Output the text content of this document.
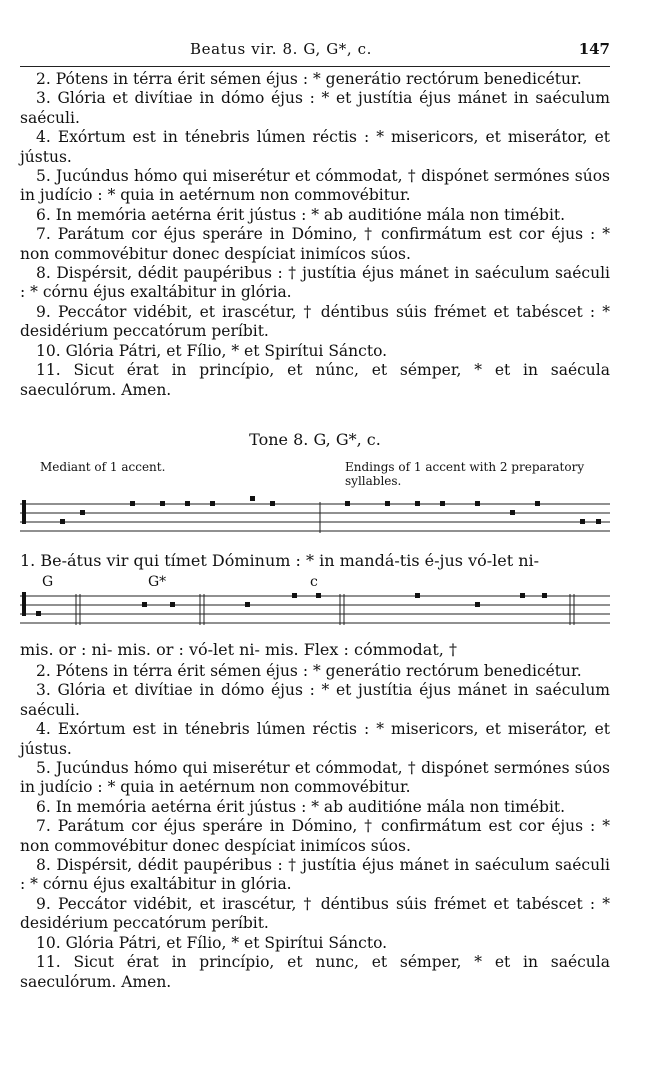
Beatus vir. 8. G, G*, c.	147

2. Pótens in térra érit sémen éjus : * generátio rectórum benedicétur.

3. Glória et divítiae in dómo éjus : * et justítia éjus mánet in saéculum saéculi.

4. Exórtum est in ténebris lúmen réctis : * misericors, et miserátor, et jústus.

5. Jucúndus hómo qui miserétur et cómmodat, † dispónet sermónes súos in judício : * quia in aetérnum non commovébitur.

6. In memória aetérna érit jústus : * ab auditióne mála non timébit.

7. Parátum cor éjus speráre in Dómino, † confirmátum est cor éjus : * non commovébitur donec despíciat inimícos súos.

8. Dispérsit, dédit paupéribus : † justítia éjus mánet in saéculum saéculi : * córnu éjus exaltábitur in glória.

9. Peccátor vidébit, et irascétur, † déntibus súis frémet et tabéscet : * desidérium peccatórum períbit.

10. Glória Pátri, et Fílio, * et Spirítui Sáncto.

11. Sicut érat in princípio, et núnc, et sémper, * et in saécula saeculórum. Amen.

Tone 8. G, G*, c.
Mediant of 1 accent.	Endings of 1 accent with 2 preparatory syllables.
1. Be-átus vir qui tímet Dóminum : * in mandá-tis é-jus vó-let ni-
G	G*	c
mis. or : ni- mis. or : vó-let ni- mis. Flex : cómmodat, †

2. Pótens in térra érit sémen éjus : * generátio rectórum benedicétur.

3. Glória et divítiae in dómo éjus : * et justítia éjus mánet in saéculum saéculi.

4. Exórtum est in ténebris lúmen réctis : * misericors, et miserátor, et jústus.

5. Jucúndus hómo qui miserétur et cómmodat, † dispónet sermónes súos in judício : * quia in aetérnum non commovébitur.

6. In memória aetérna érit jústus : * ab auditióne mála non timébit.

7. Parátum cor éjus speráre in Dómino, † confirmátum est cor éjus : * non commovébitur donec despíciat inimícos súos.

8. Dispérsit, dédit paupéribus : † justítia éjus mánet in saéculum saéculi : * córnu éjus exaltábitur in glória.

9. Peccátor vidébit, et irascétur, † déntibus súis frémet et tabéscet : * desidérium peccatórum períbit.

10. Glória Pátri, et Fílio, * et Spirítui Sáncto.

11. Sicut érat in princípio, et nunc, et sémper, * et in saécula saeculórum. Amen.
